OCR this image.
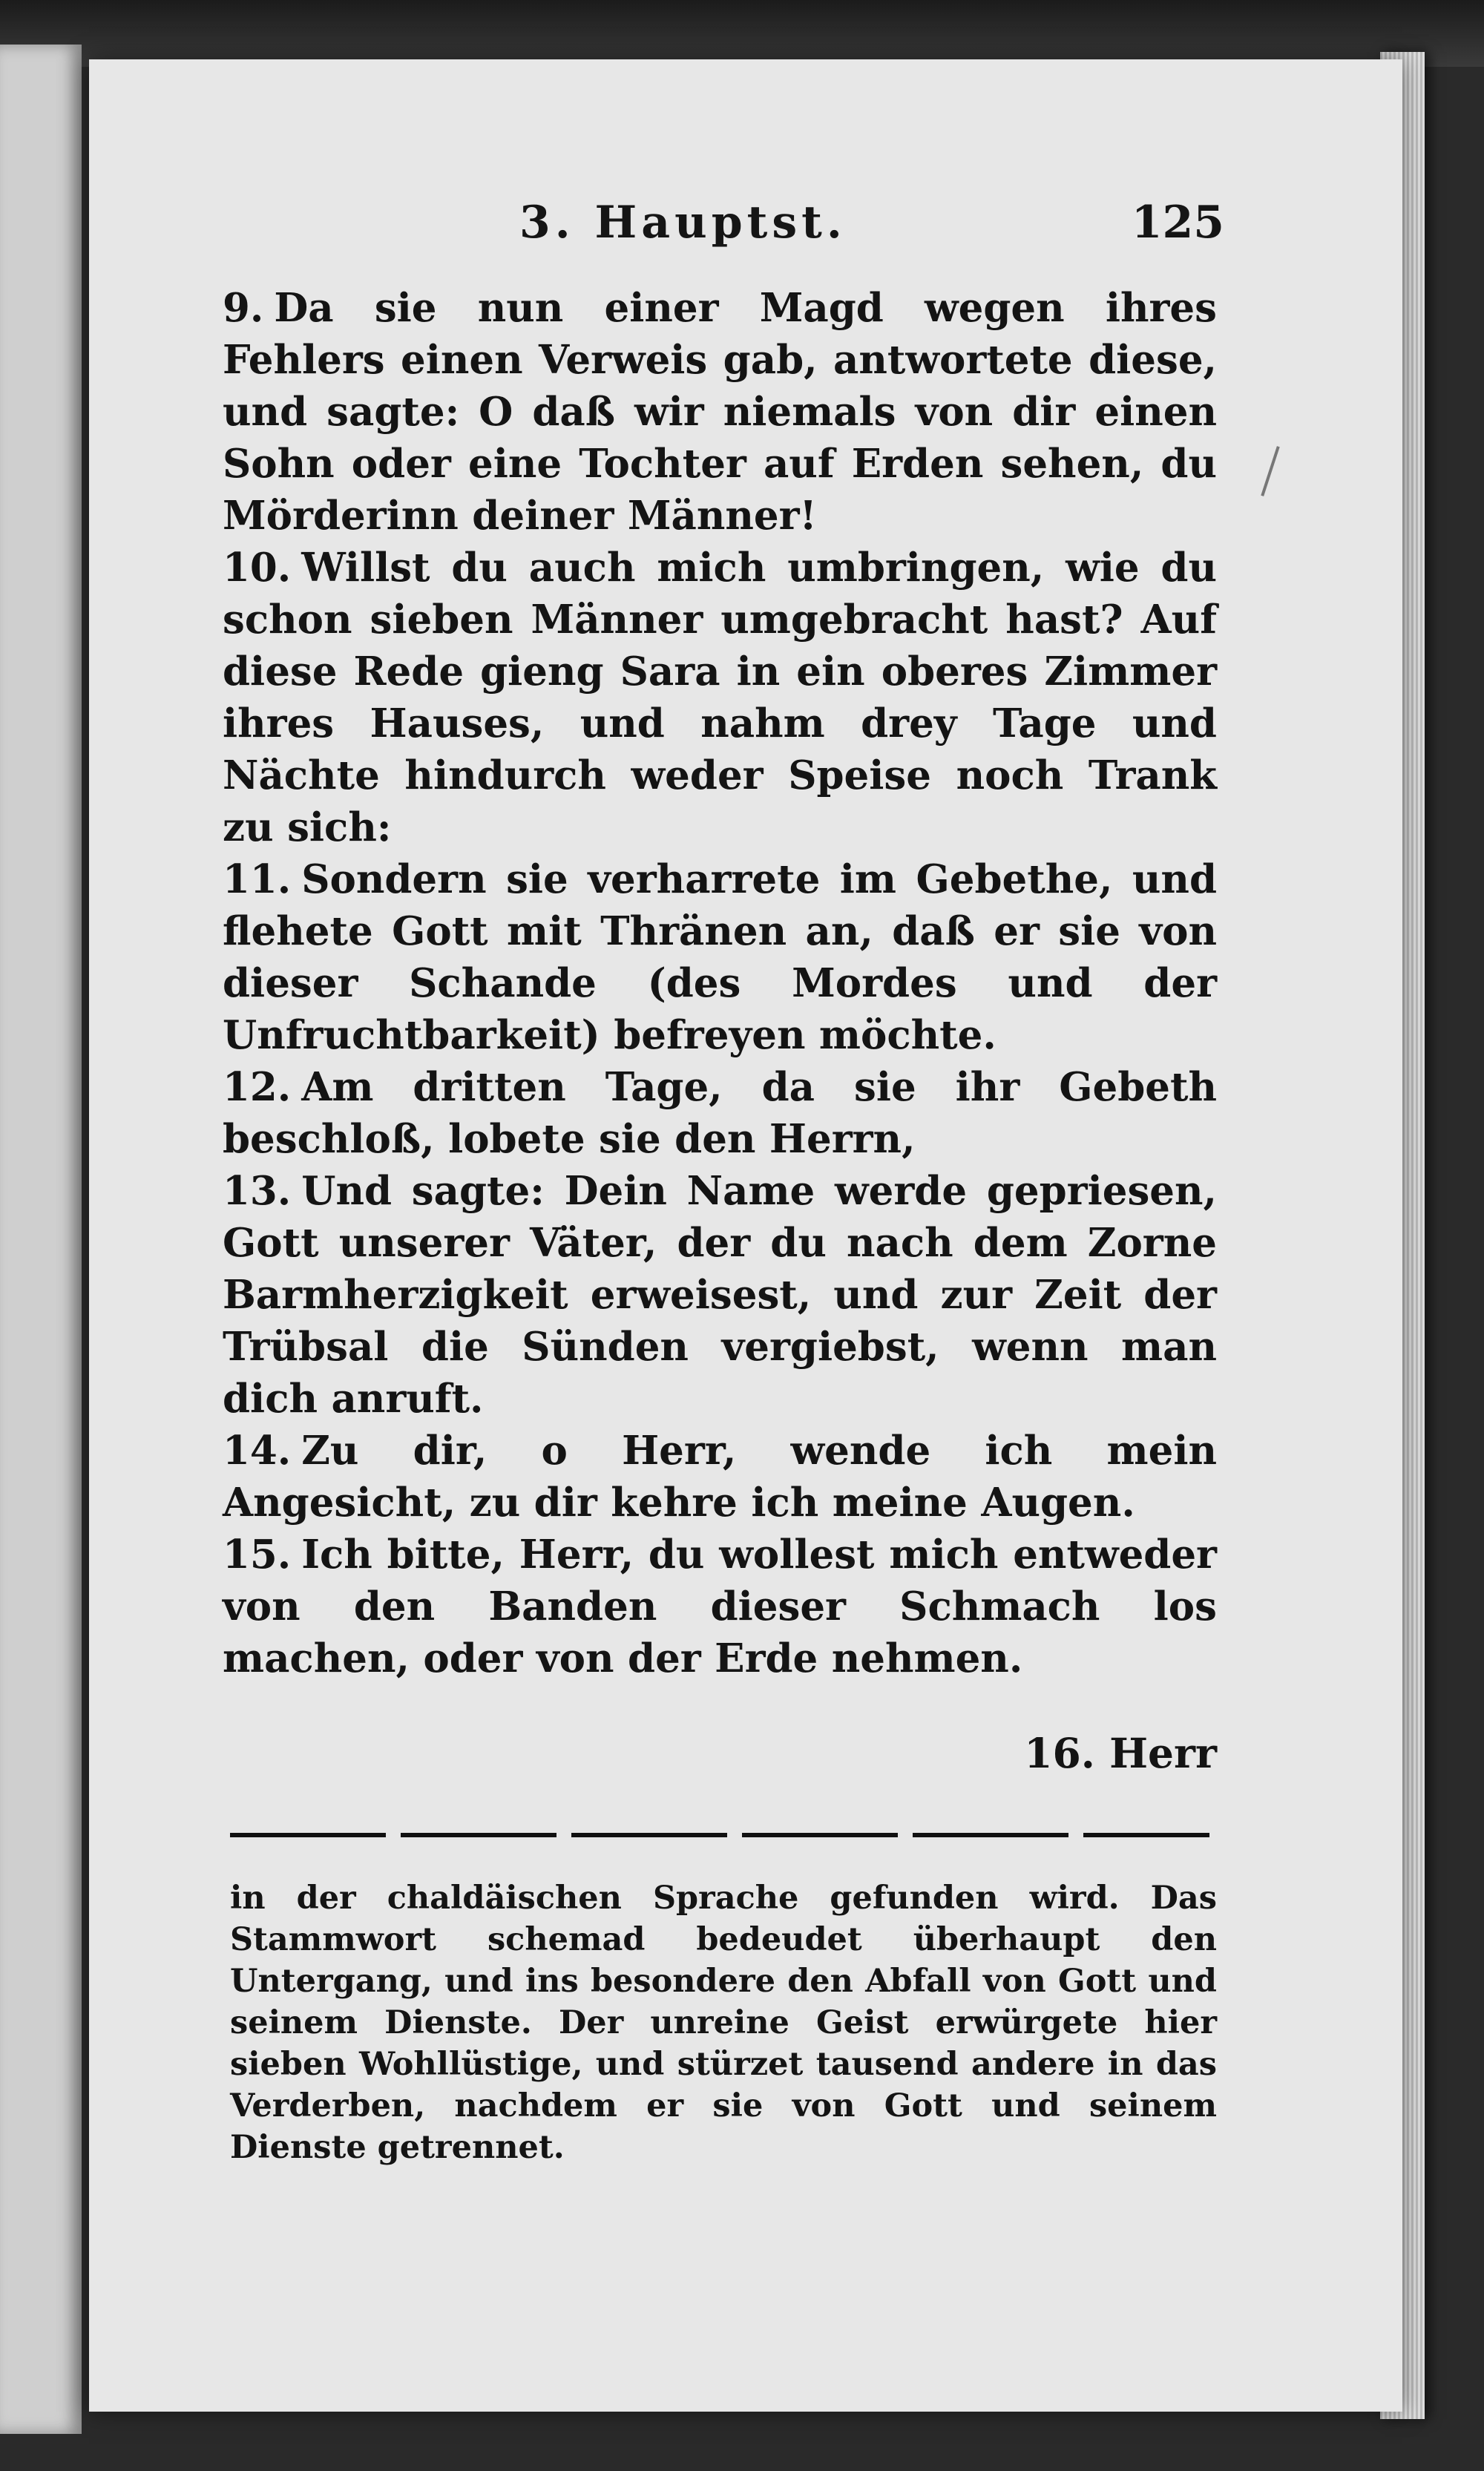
3. Hauptst.	125

9. Da sie nun einer Magd wegen ihres Fehlers einen Verweis gab, antwortete diese, und sagte: O daß wir niemals von dir einen Sohn oder eine Tochter auf Erden sehen, du Mörderinn deiner Männer!

10. Willst du auch mich umbringen, wie du schon sieben Männer umgebracht hast? Auf diese Rede gieng Sara in ein oberes Zimmer ihres Hauses, und nahm drey Tage und Nächte hindurch weder Speise noch Trank zu sich:

11. Sondern sie verharrete im Gebethe, und flehete Gott mit Thränen an, daß er sie von dieser Schande (des Mordes und der Unfruchtbarkeit) befreyen möchte.

12. Am dritten Tage, da sie ihr Gebeth beschloß, lobete sie den Herrn,

13. Und sagte: Dein Name werde gepriesen, Gott unserer Väter, der du nach dem Zorne Barmherzigkeit erweisest, und zur Zeit der Trübsal die Sünden vergiebst, wenn man dich anruft.

14. Zu dir, o Herr, wende ich mein Angesicht, zu dir kehre ich meine Augen.

15. Ich bitte, Herr, du wollest mich entweder von den Banden dieser Schmach los machen, oder von der Erde nehmen.

16. Herr
in der chaldäischen Sprache gefunden wird. Das Stammwort schemad bedeudet überhaupt den Untergang, und ins besondere den Abfall von Gott und seinem Dienste. Der unreine Geist erwürgete hier sieben Wohllüstige, und stürzet tausend andere in das Verderben, nachdem er sie von Gott und seinem Dienste getrennet.
